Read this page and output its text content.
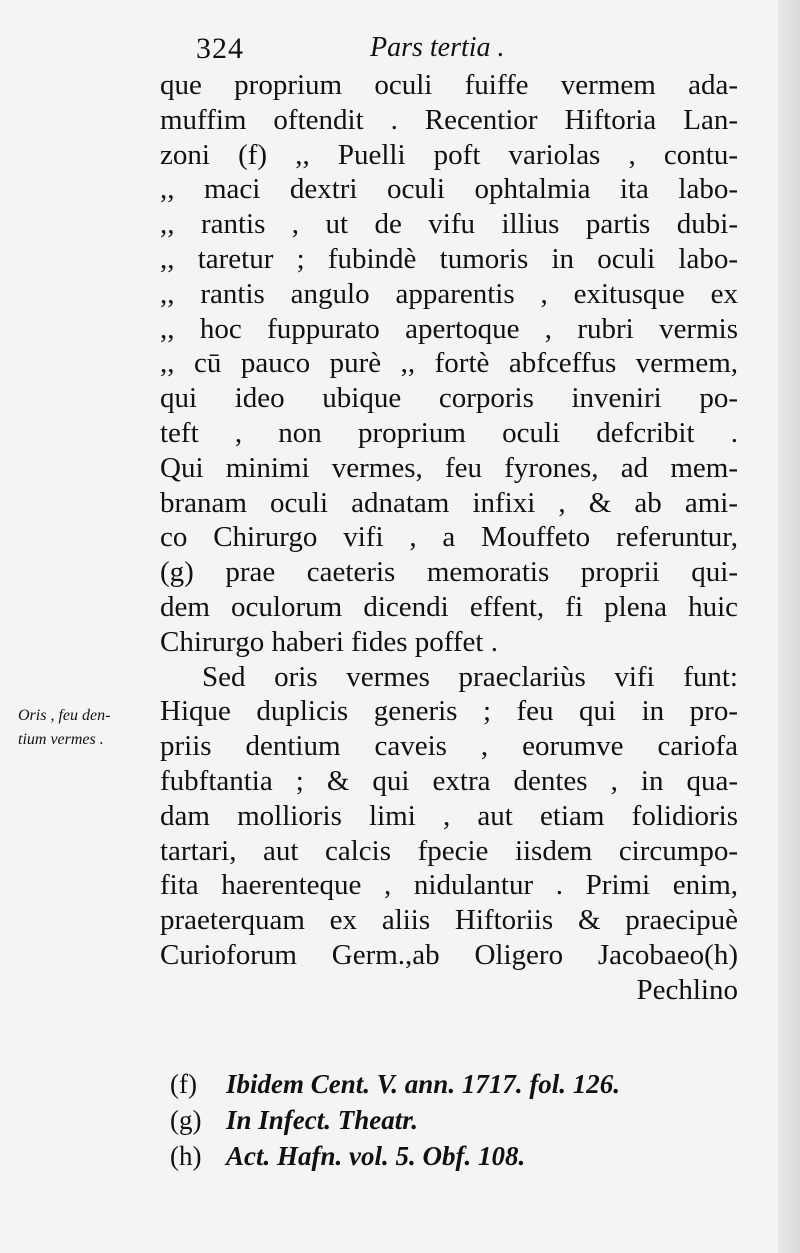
324	Pars tertia .
que proprium oculi fuiffe vermem ada-
muffim oftendit . Recentior Hiftoria Lan-
zoni (f) ,, Puelli poft variolas , contu-
,, maci dextri oculi ophtalmia ita labo-
,, rantis , ut de vifu illius partis dubi-
,, taretur ; fubindè tumoris in oculi labo-
,, rantis angulo apparentis , exitusque ex
,, hoc fuppurato apertoque , rubri vermis
,, cū pauco purè ,, fortè abfceffus vermem,
qui ideo ubique corporis inveniri po-
teft , non proprium oculi defcribit .
Qui minimi vermes, feu fyrones, ad mem-
branam oculi adnatam infixi , & ab ami-
co Chirurgo vifi , a Mouffeto referuntur,
(g) prae caeteris memoratis proprii qui-
dem oculorum dicendi effent, fi plena huic
Chirurgo haberi fides poffet .
Sed oris vermes praeclariùs vifi funt:
Hique duplicis generis ; feu qui in pro-
priis dentium caveis , eorumve cariofa
fubftantia ; & qui extra dentes , in qua-
dam mollioris limi , aut etiam folidioris
tartari, aut calcis fpecie iisdem circumpo-
fita haerenteque , nidulantur . Primi enim,
praeterquam ex aliis Hiftoriis & praecipuè
Curioforum Germ.,ab Oligero Jacobaeo(h)
Pechlino
Oris , feu den-
tium vermes .
(f) Ibidem Cent. V. ann. 1717. fol. 126.
(g) In Infect. Theatr.
(h) Act. Hafn. vol. 5. Obf. 108.
